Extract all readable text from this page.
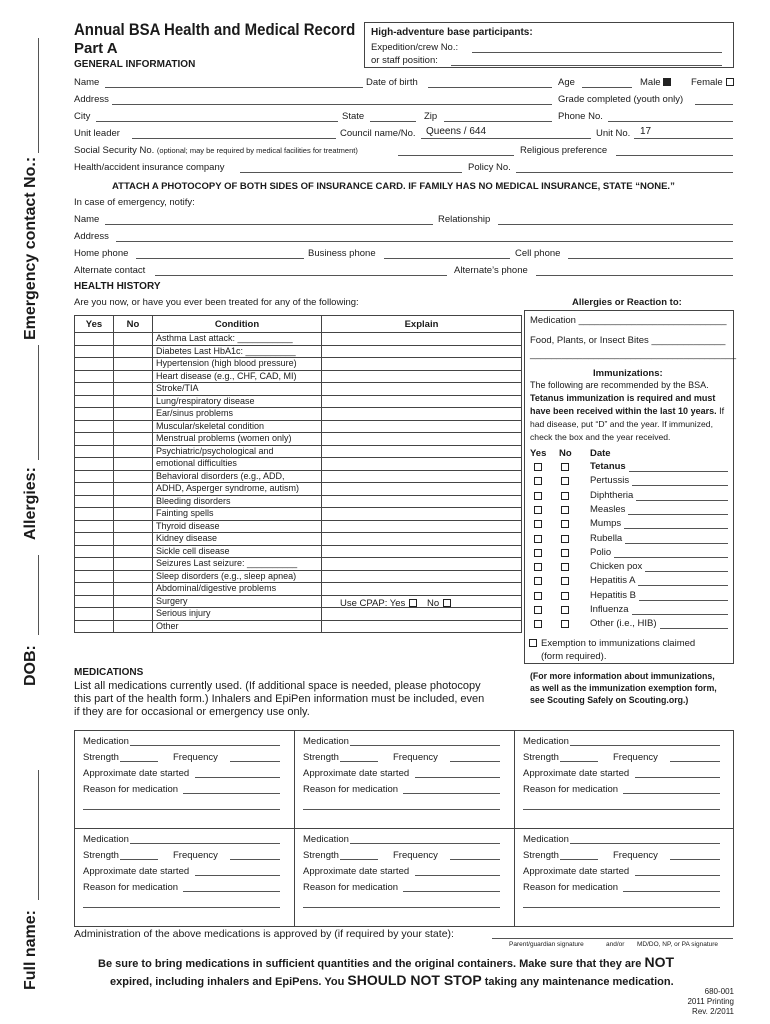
Full name:
DOB:
Allergies:
Emergency contact No.:
Annual BSA Health and Medical Record
Part A
GENERAL INFORMATION
High-adventure base participants:
Expedition/crew No.:
or staff position:
Name	Date of birth	Age	Male	Female
Address	Grade completed (youth only)
City	State	Zip	Phone No.
Unit leader	Council name/No. Queens / 644	Unit No. 17
Social Security No. (optional; may be required by medical facilities for treatment)	Religious preference
Health/accident insurance company	Policy No.
ATTACH A PHOTOCOPY OF BOTH SIDES OF INSURANCE CARD. IF FAMILY HAS NO MEDICAL INSURANCE, STATE “NONE.”
In case of emergency, notify:
Name	Relationship
Address
Home phone	Business phone	Cell phone
Alternate contact	Alternate’s phone
HEALTH HISTORY
Are you now, or have you ever been treated for any of the following:
Yes	No	Condition	Explain
		Asthma Last attack: ___________	
		Diabetes Last HbA1c: __________	
		Hypertension (high blood pressure)	
		Heart disease (e.g., CHF, CAD, MI)	
		Stroke/TIA	
		Lung/respiratory disease	
		Ear/sinus problems	
		Muscular/skeletal condition	
		Menstrual problems (women only)	
		Psychiatric/psychological and	
		emotional difficulties	
		Behavioral disorders (e.g., ADD,	
		ADHD, Asperger syndrome, autism)	
		Bleeding disorders	
		Fainting spells	
		Thyroid disease	
		Kidney disease	
		Sickle cell disease	
		Seizures Last seizure: __________	
		Sleep disorders (e.g., sleep apnea)	
		Abdominal/digestive problems	
		Surgery	
		Serious injury	
		Other	
Use CPAP: Yes No
Allergies or Reaction to:
Medication ____________________________
Food, Plants, or Insect Bites ______________
_______________________________________
Immunizations:
The following are recommended by the BSA.
Tetanus immunization is required and must
have been received within the last 10 years. If
had disease, put “D” and the year. If immunized,
check the box and the year received.
Yes No Date
Tetanus
Pertussis
Diphtheria
Measles
Mumps
Rubella
Polio
Chicken pox
Hepatitis A
Hepatitis B
Influenza
Other (i.e., HIB)
Exemption to immunizations claimed
(form required).
(For more information about immunizations,
as well as the immunization exemption form,
see Scouting Safely on Scouting.org.)
MEDICATIONS
List all medications currently used. (If additional space is needed, please photocopy
this part of the health form.) Inhalers and EpiPen information must be included, even
if they are for occasional or emergency use only.
Medication
Strength
Approximate date started
Reason for medication
Frequency
Medication
Strength
Approximate date started
Reason for medication
Frequency
Medication
Strength
Approximate date started
Reason for medication
Frequency
Medication
Strength
Approximate date started
Reason for medication
Frequency
Medication
Strength
Approximate date started
Reason for medication
Frequency
Medication
Strength
Approximate date started
Reason for medication
Frequency
Administration of the above medications is approved by (if required by your state):
Parent/guardian signature	and/or MD/DO, NP, or PA signature
Be sure to bring medications in sufficient quantities and the original containers. Make sure that they are NOT
expired, including inhalers and EpiPens. You SHOULD NOT STOP taking any maintenance medication.
680-001
2011 Printing
Rev. 2/2011
